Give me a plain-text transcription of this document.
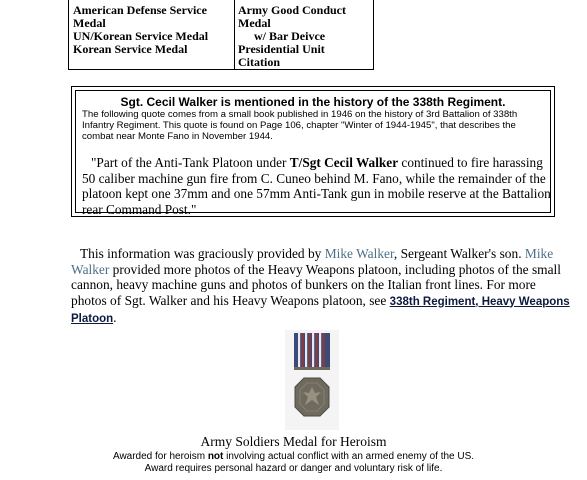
American Defense Service
Medal
UN/Korean Service Medal
Korean Service Medal
Army Good Conduct
Medal
w/ Bar Deivce
Presidential Unit
Citation
Sgt. Cecil Walker is mentioned in the history of the 338th Regiment.
The following quote comes from a small book published in 1946 on the history of 3rd Battalion of 338th
Infantry Regiment. This quote is found on Page 106, chapter "Winter of 1944-1945", that describes the
combat near Monte Fano in November 1944.
"Part of the Anti-Tank Platoon under T/Sgt Cecil Walker continued to fire harassing 50 caliber machine gun fire from C. Cuneo behind M. Fano, while the remainder of the platoon kept one 37mm and one 57mm Anti-Tank gun in mobile reserve at the Battalion rear Command Post."
This information was graciously provided by Mike Walker, Sergeant Walker's son. Mike Walker provided more photos of the Heavy Weapons platoon, including photos of the small cannon, heavy machine guns and photos of bunkers on the Italian front lines. For more photos of Sgt. Walker and his Heavy Weapons platoon, see 338th Regiment, Heavy Weapons Platoon.
Army Soldiers Medal for Heroism
Awarded for heroism not involving actual conflict with an armed enemy of the US.
Award requires personal hazard or danger and voluntary risk of life.
